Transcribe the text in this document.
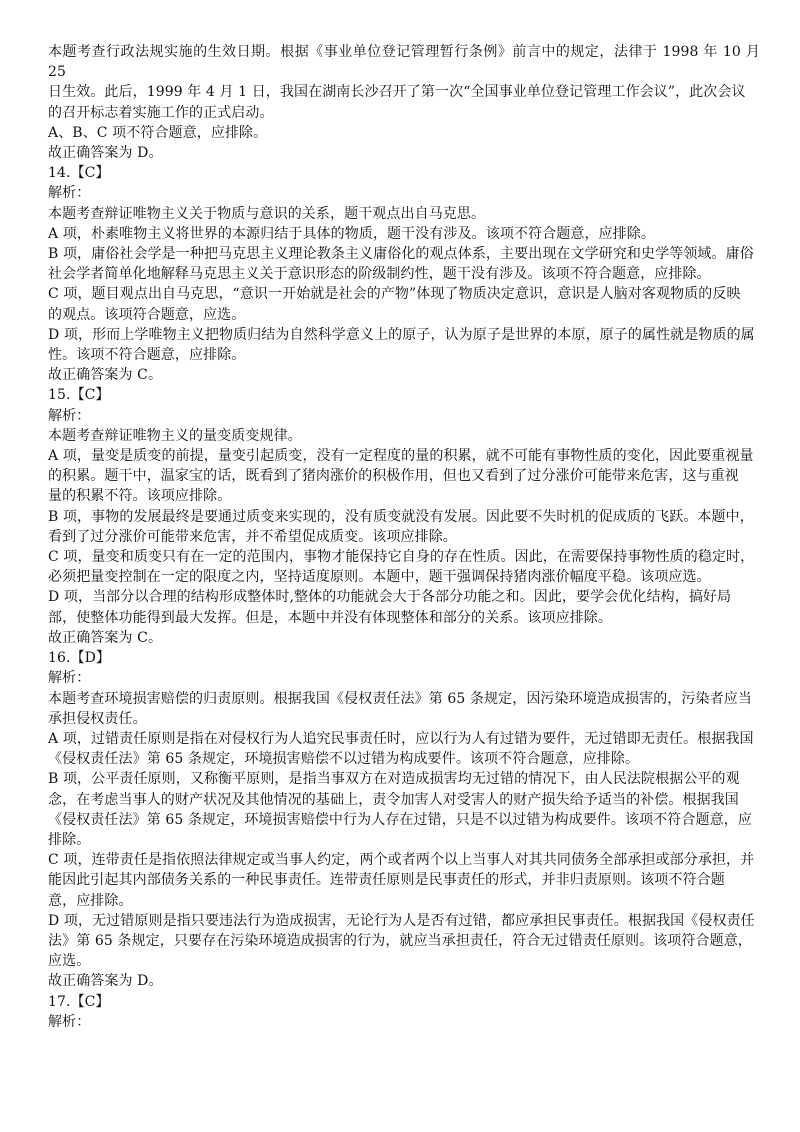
本题考查行政法规实施的生效日期。根据《事业单位登记管理暂行条例》前言中的规定，法律于 1998 年 10 月 25
日生效。此后，1999 年 4 月 1 日，我国在湖南长沙召开了第一次“全国事业单位登记管理工作会议”，此次会议
的召开标志着实施工作的正式启动。
A、B、C 项不符合题意，应排除。
故正确答案为 D。
14.【C】
解析：
本题考查辩证唯物主义关于物质与意识的关系，题干观点出自马克思。
A 项，朴素唯物主义将世界的本源归结于具体的物质，题干没有涉及。该项不符合题意，应排除。
B 项，庸俗社会学是一种把马克思主义理论教条主义庸俗化的观点体系，主要出现在文学研究和史学等领域。庸俗
社会学者简单化地解释马克思主义关于意识形态的阶级制约性，题干没有涉及。该项不符合题意，应排除。
C 项，题目观点出自马克思，“意识一开始就是社会的产物”体现了物质决定意识，意识是人脑对客观物质的反映
的观点。该项符合题意，应选。
D 项，形而上学唯物主义把物质归结为自然科学意义上的原子，认为原子是世界的本原，原子的属性就是物质的属
性。该项不符合题意，应排除。
故正确答案为 C。
15.【C】
解析：
本题考查辩证唯物主义的量变质变规律。
A 项，量变是质变的前提，量变引起质变，没有一定程度的量的积累，就不可能有事物性质的变化，因此要重视量
的积累。题干中，温家宝的话，既看到了猪肉涨价的积极作用，但也又看到了过分涨价可能带来危害，这与重视
量的积累不符。该项应排除。
B 项，事物的发展最终是要通过质变来实现的，没有质变就没有发展。因此要不失时机的促成质的飞跃。本题中，
看到了过分涨价可能带来危害，并不希望促成质变。该项应排除。
C 项，量变和质变只有在一定的范围内，事物才能保持它自身的存在性质。因此，在需要保持事物性质的稳定时，
必须把量变控制在一定的限度之内，坚持适度原则。本题中，题干强调保持猪肉涨价幅度平稳。该项应选。
D 项，当部分以合理的结构形成整体时,整体的功能就会大于各部分功能之和。因此，要学会优化结构，搞好局
部，使整体功能得到最大发挥。但是，本题中并没有体现整体和部分的关系。该项应排除。
故正确答案为 C。
16.【D】
解析：
本题考查环境损害赔偿的归责原则。根据我国《侵权责任法》第 65 条规定，因污染环境造成损害的，污染者应当
承担侵权责任。
A 项，过错责任原则是指在对侵权行为人追究民事责任时，应以行为人有过错为要件，无过错即无责任。根据我国
《侵权责任法》第 65 条规定，环境损害赔偿不以过错为构成要件。该项不符合题意，应排除。
B 项，公平责任原则，又称衡平原则，是指当事双方在对造成损害均无过错的情况下，由人民法院根据公平的观
念，在考虑当事人的财产状况及其他情况的基础上，责令加害人对受害人的财产损失给予适当的补偿。根据我国
《侵权责任法》第 65 条规定，环境损害赔偿中行为人存在过错，只是不以过错为构成要件。该项不符合题意，应
排除。
C 项，连带责任是指依照法律规定或当事人约定，两个或者两个以上当事人对其共同债务全部承担或部分承担，并
能因此引起其内部债务关系的一种民事责任。连带责任原则是民事责任的形式，并非归责原则。该项不符合题
意，应排除。
D 项，无过错原则是指只要违法行为造成损害，无论行为人是否有过错，都应承担民事责任。根据我国《侵权责任
法》第 65 条规定，只要存在污染环境造成损害的行为，就应当承担责任，符合无过错责任原则。该项符合题意，
应选。
故正确答案为 D。
17.【C】
解析：
